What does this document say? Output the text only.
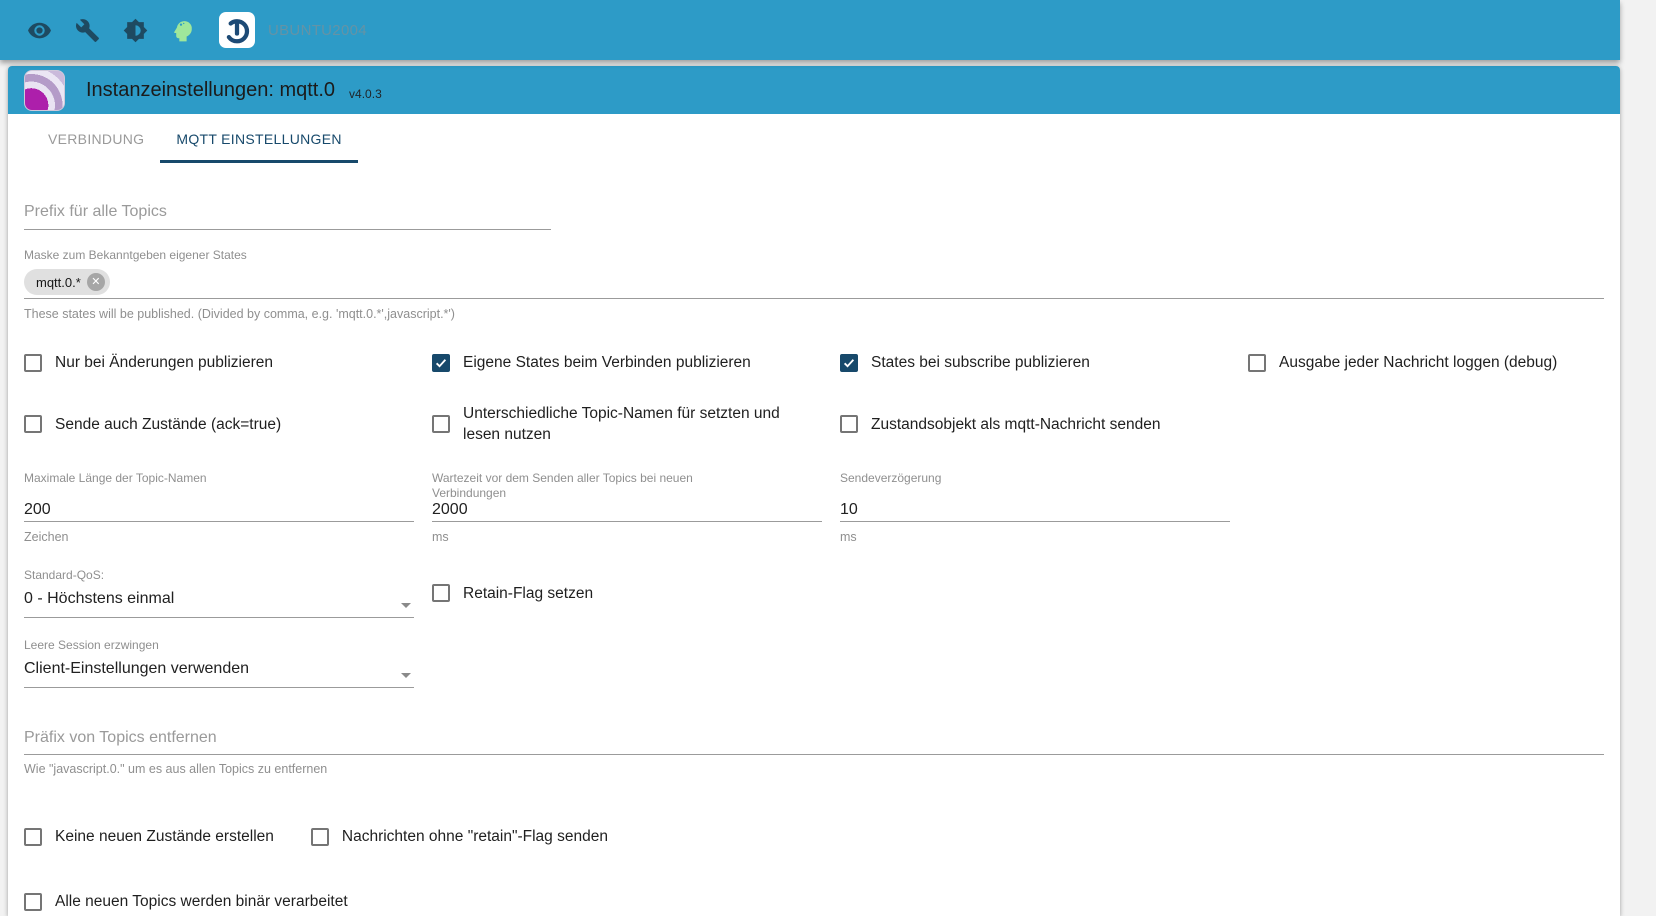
UBUNTU2004
Instanzeinstellungen: mqtt.0 v4.0.3
VERBINDUNG	MQTT EINSTELLUNGEN
Prefix für alle Topics
Maske zum Bekanntgeben eigener States
mqtt.0.* ✕
These states will be published. (Divided by comma, e.g. 'mqtt.0.*',javascript.*')
Nur bei Änderungen publizieren	Eigene States beim Verbinden publizieren	States bei subscribe publizieren	Ausgabe jeder Nachricht loggen (debug)
Sende auch Zustände (ack=true)
Unterschiedliche Topic-Namen für setzten und lesen nutzen
Zustandsobjekt als mqtt-Nachricht senden
Maximale Länge der Topic-Namen
200
Zeichen
Wartezeit vor dem Senden aller Topics bei neuen Verbindungen
2000
ms
Sendeverzögerung
10
ms
Standard-QoS:
0 - Höchstens einmal	Retain-Flag setzen
Leere Session erzwingen
Client-Einstellungen verwenden
Präfix von Topics entfernen
Wie "javascript.0." um es aus allen Topics zu entfernen
Keine neuen Zustände erstellen	Nachrichten ohne "retain"-Flag senden
Alle neuen Topics werden binär verarbeitet
